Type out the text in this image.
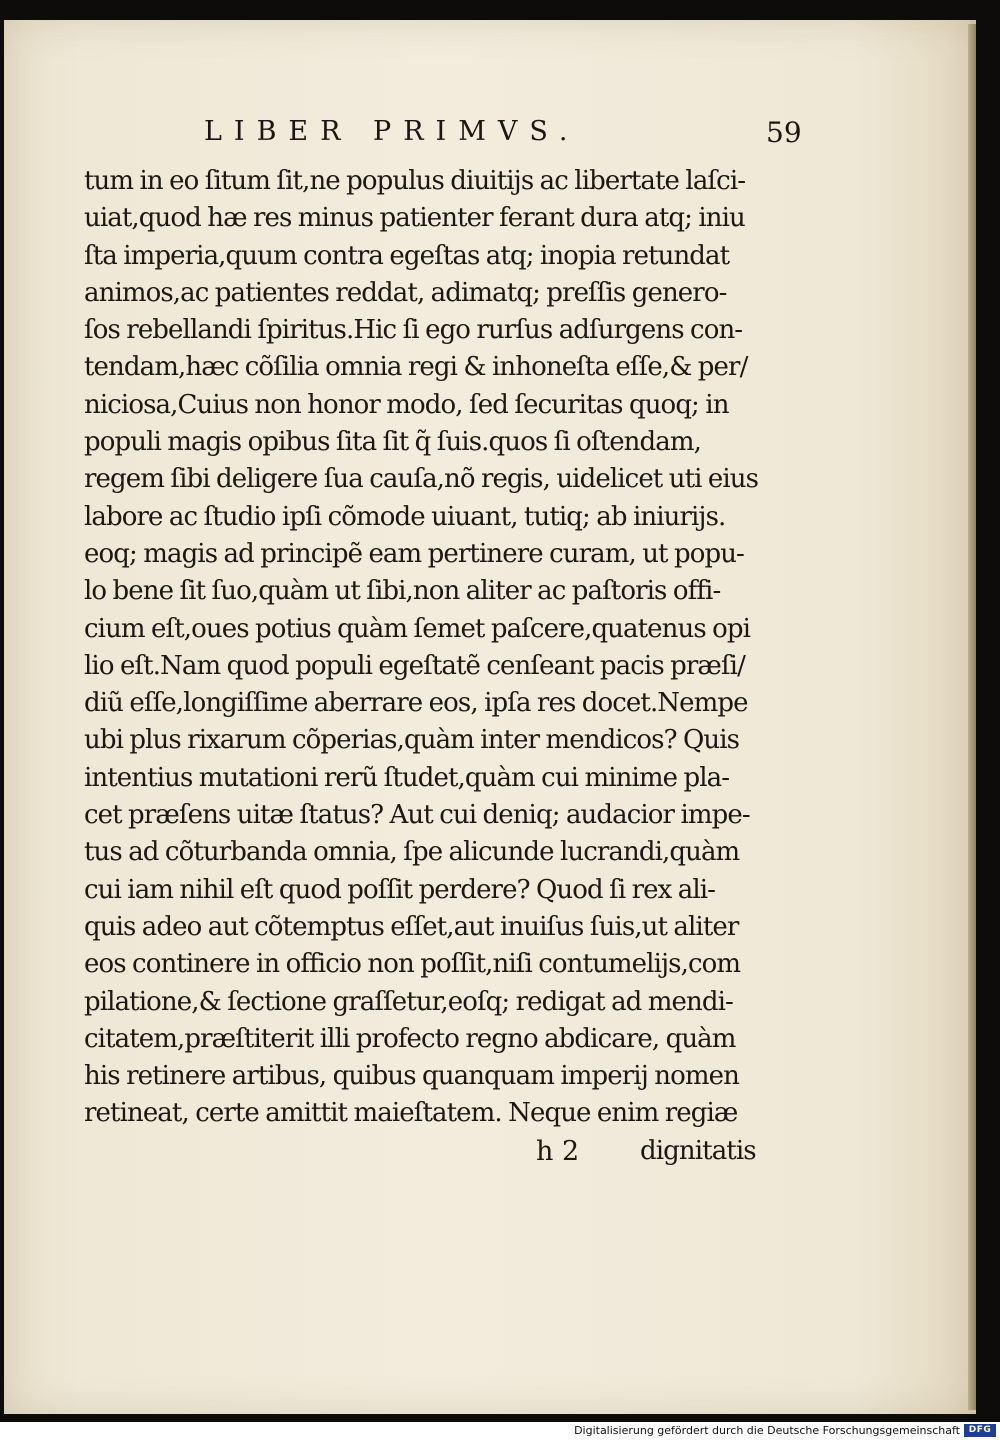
LIBER PRIMVS.	59
tum in eo ſitum ſit,ne populus diuitijs ac libertate laſci-
uiat,quod hæ res minus patienter ferant dura atq; iniu
ſta imperia,quum contra egeſtas atq; inopia retundat
animos,ac patientes reddat, adimatq; preſſis genero-
ſos rebellandi ſpiritus.Hic ſi ego rurſus adſurgens con-
tendam,hæc cõſilia omnia regi & inhoneſta eſſe,& per/
niciosa,Cuius non honor modo, ſed ſecuritas quoq; in
populi magis opibus ſita ſit q̃ ſuis.quos ſi oſtendam,
regem ſibi deligere ſua cauſa,nõ regis, uidelicet uti eius
labore ac ſtudio ipſi cõmode uiuant, tutiq; ab iniurijs.
eoq; magis ad principẽ eam pertinere curam, ut popu-
lo bene ſit ſuo,quàm ut ſibi,non aliter ac paſtoris offi-
cium eſt,oues potius quàm ſemet paſcere,quatenus opi
lio eſt.Nam quod populi egeſtatẽ cenſeant pacis præſi/
diũ eſſe,longiſſime aberrare eos, ipſa res docet.Nempe
ubi plus rixarum cõperias,quàm inter mendicos? Quis
intentius mutationi rerũ ſtudet,quàm cui minime pla-
cet præſens uitæ ſtatus? Aut cui deniq; audacior impe-
tus ad cõturbanda omnia, ſpe alicunde lucrandi,quàm
cui iam nihil eſt quod poſſit perdere? Quod ſi rex ali-
quis adeo aut cõtemptus eſſet,aut inuiſus ſuis,ut aliter
eos continere in officio non poſſit,niſi contumelijs,com
pilatione,& ſectione graſſetur,eoſq; redigat ad mendi-
citatem,præſtiterit illi profecto regno abdicare, quàm
his retinere artibus, quibus quanquam imperij nomen
retineat, certe amittit maieſtatem. Neque enim regiæ
h 2 dignitatis
Digitalisierung gefördert durch die Deutsche Forschungsgemeinschaft DFG
